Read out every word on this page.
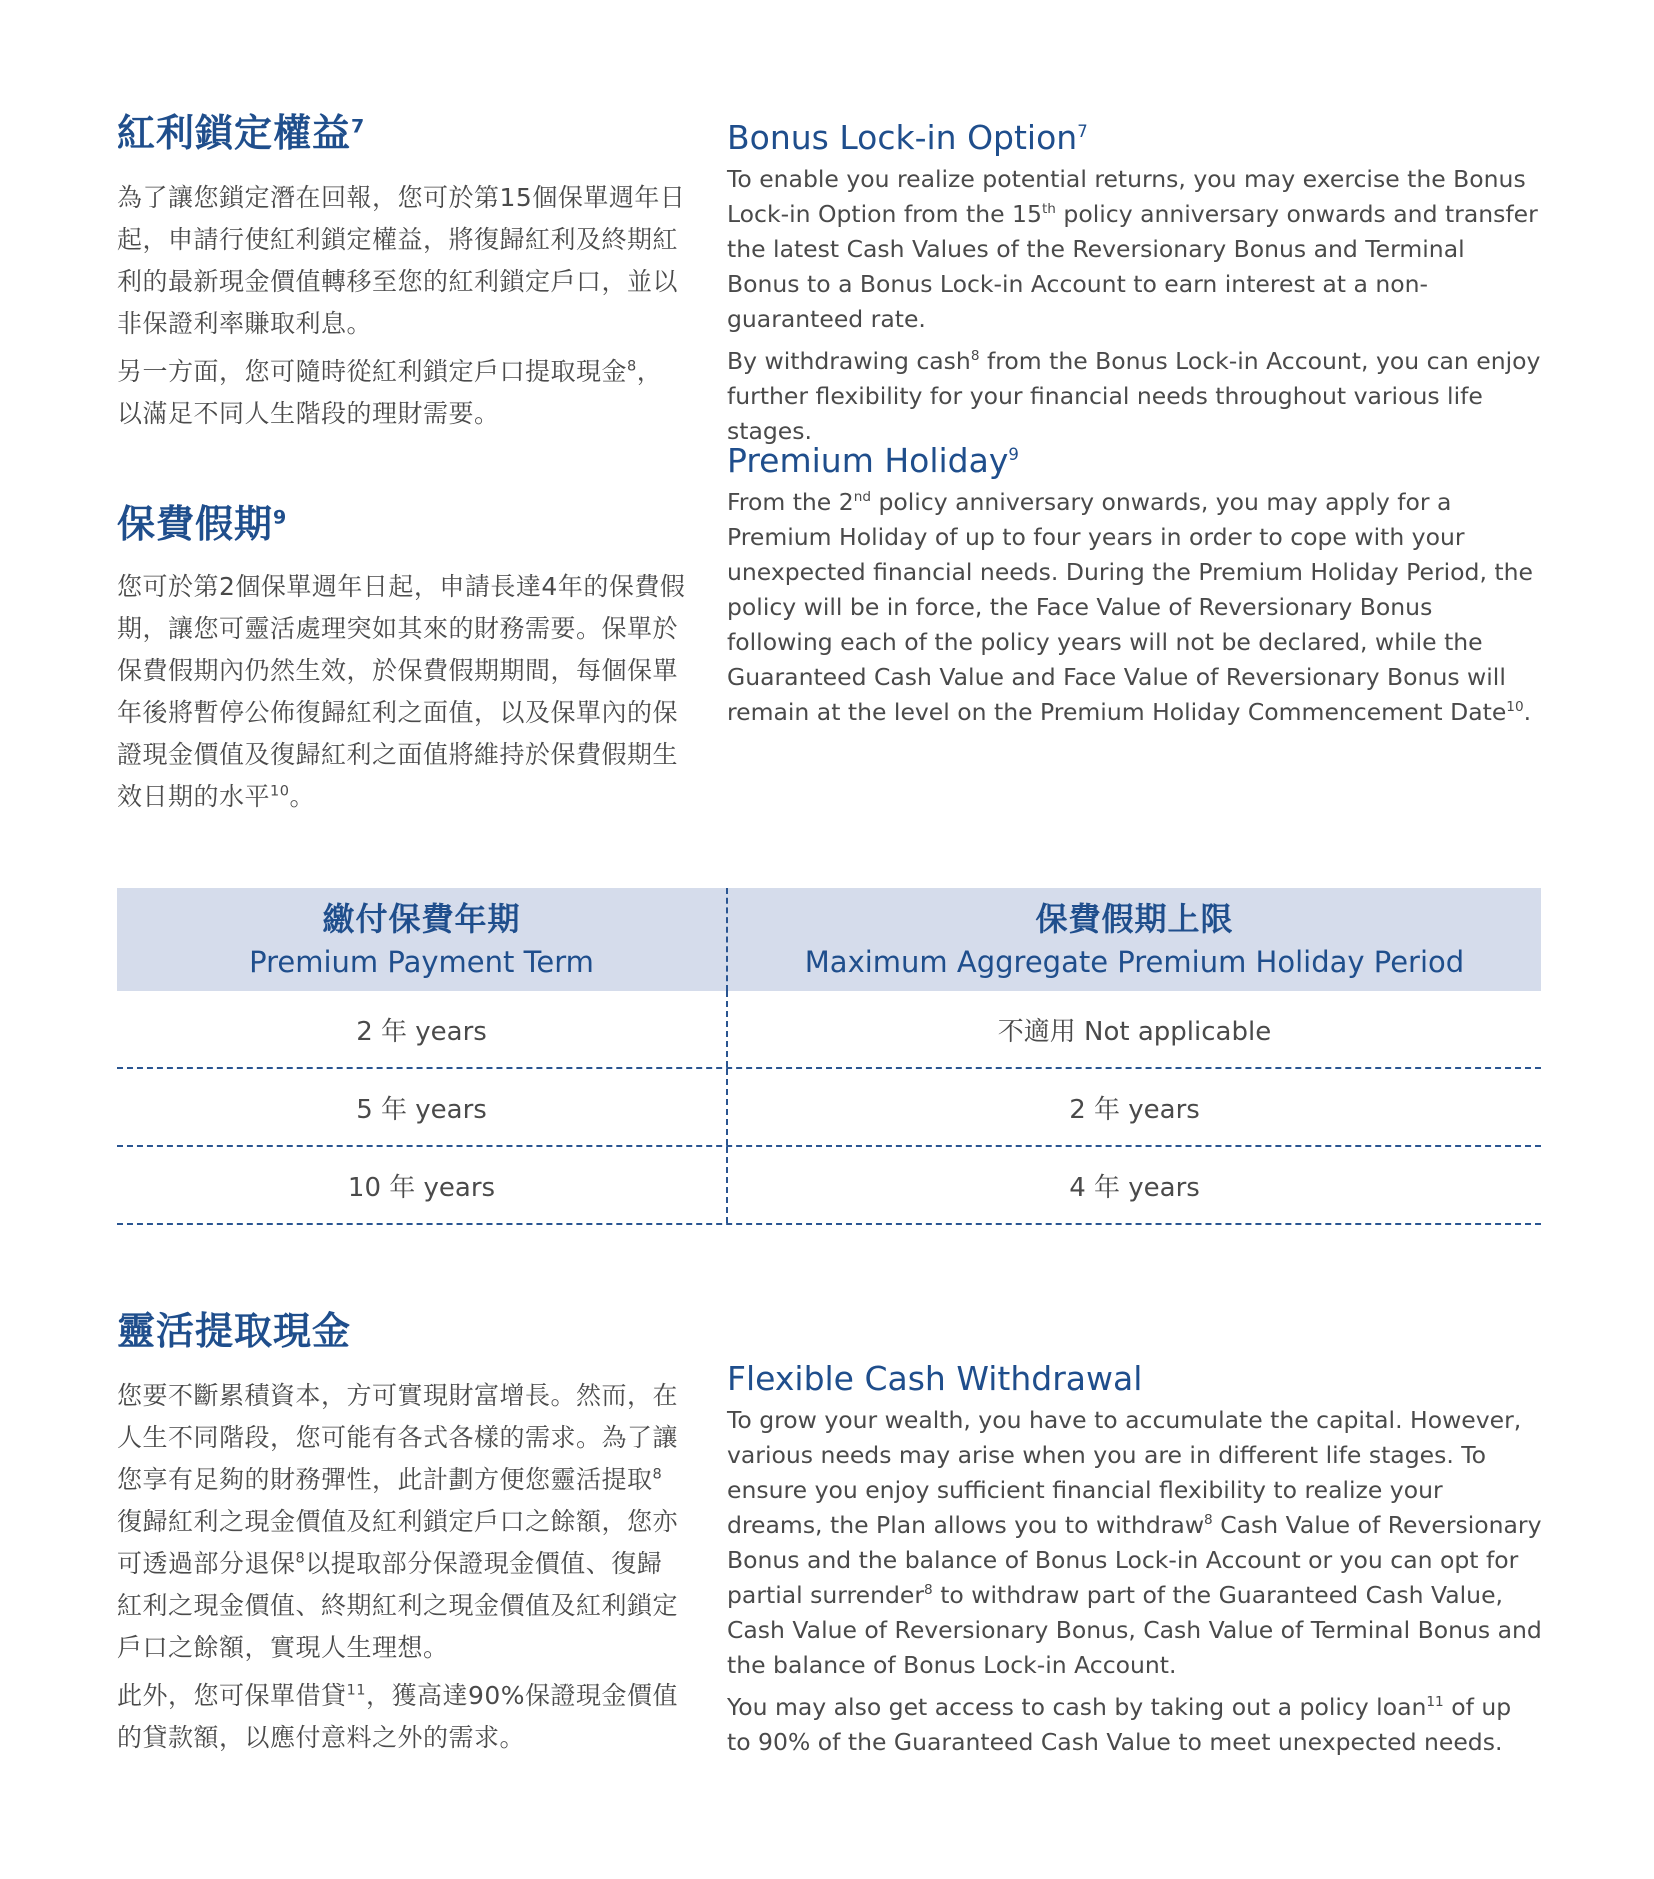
紅利鎖定權益$^7$

為了讓您鎖定潛在回報，您可於第15個保單週年日起，申請行使紅利鎖定權益，將復歸紅利及終期紅利的最新現金價值轉移至您的紅利鎖定戶口，並以非保證利率賺取利息。

另一方面，您可隨時從紅利鎖定戶口提取現金$^8$，以滿足不同人生階段的理財需要。

Bonus Lock-in Option$^7$

To enable you realize potential returns, you may exercise the Bonus Lock-in Option from the 15th policy anniversary onwards and transfer the latest Cash Values of the Reversionary Bonus and Terminal Bonus to a Bonus Lock-in Account to earn interest at a non-guaranteed rate.

By withdrawing cash$^8$ from the Bonus Lock-in Account, you can enjoy further flexibility for your financial needs throughout various life stages.

保費假期$^9$

您可於第2個保單週年日起，申請長達4年的保費假期，讓您可靈活處理突如其來的財務需要。保單於保費假期內仍然生效，於保費假期期間，每個保單年後將暫停公佈復歸紅利之面值，以及保單內的保證現金價值及復歸紅利之面值將維持於保費假期生效日期的水平$^{10}$。

Premium Holiday$^9$

From the 2nd policy anniversary onwards, you may apply for a Premium Holiday of up to four years in order to cope with your unexpected financial needs. During the Premium Holiday Period, the policy will be in force, the Face Value of Reversionary Bonus following each of the policy years will not be declared, while the Guaranteed Cash Value and Face Value of Reversionary Bonus will remain at the level on the Premium Holiday Commencement Date$^{10}$.

繳付保費年期
Premium Payment Term
保費假期上限
Maximum Aggregate Premium Holiday Period
2 年 years	不適用 Not applicable
5 年 years	2 年 years
10 年 years	4 年 years
靈活提取現金

您要不斷累積資本，方可實現財富增長。然而，在人生不同階段，您可能有各式各樣的需求。為了讓您享有足夠的財務彈性，此計劃方便您靈活提取$^8$復歸紅利之現金價值及紅利鎖定戶口之餘額，您亦可透過部分退保$^8$以提取部分保證現金價值、復歸紅利之現金價值、終期紅利之現金價值及紅利鎖定戶口之餘額，實現人生理想。

此外，您可保單借貸$^{11}$，獲高達90%保證現金價值的貸款額，以應付意料之外的需求。

Flexible Cash Withdrawal

To grow your wealth, you have to accumulate the capital. However, various needs may arise when you are in different life stages. To ensure you enjoy sufficient financial flexibility to realize your dreams, the Plan allows you to withdraw$^8$ Cash Value of Reversionary Bonus and the balance of Bonus Lock-in Account or you can opt for partial surrender$^8$ to withdraw part of the Guaranteed Cash Value, Cash Value of Reversionary Bonus, Cash Value of Terminal Bonus and the balance of Bonus Lock-in Account.

You may also get access to cash by taking out a policy loan$^{11}$ of up to 90% of the Guaranteed Cash Value to meet unexpected needs.
